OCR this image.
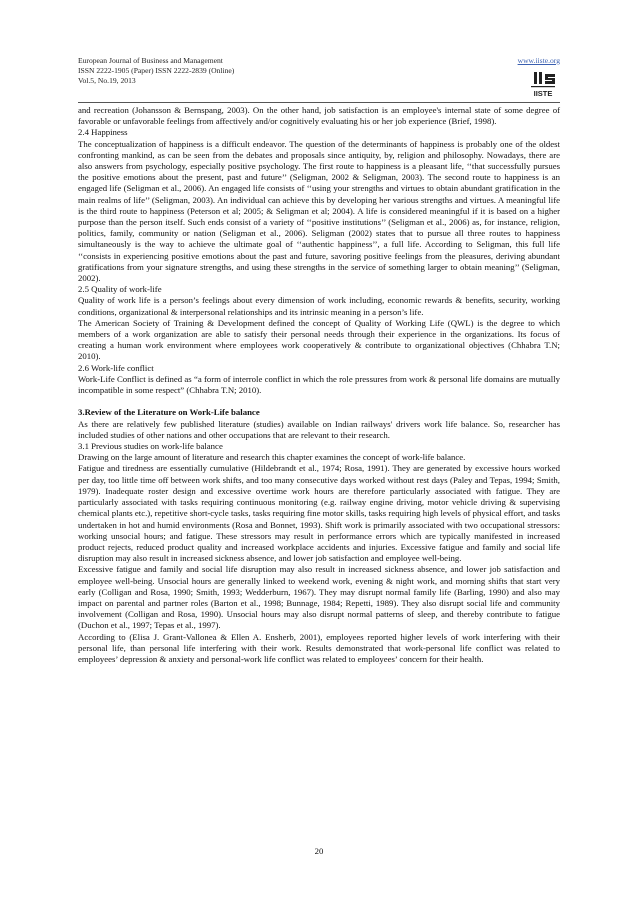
European Journal of Business and Management
ISSN 2222-1905 (Paper) ISSN 2222-2839 (Online)
Vol.5, No.19, 2013
www.iiste.org
IISTE

and recreation (Johansson & Bernspang, 2003). On the other hand, job satisfaction is an employee's internal state of some degree of favorable or unfavorable feelings from affectively and/or cognitively evaluating his or her job experience (Brief, 1998).

2.4 Happiness

The conceptualization of happiness is a difficult endeavor. The question of the determinants of happiness is probably one of the oldest confronting mankind, as can be seen from the debates and proposals since antiquity, by, religion and philosophy. Nowadays, there are also answers from psychology, especially positive psychology. The first route to happiness is a pleasant life, ‘‘that successfully pursues the positive emotions about the present, past and future’’ (Seligman, 2002 & Seligman, 2003). The second route to happiness is an engaged life (Seligman et al., 2006). An engaged life consists of ‘‘using your strengths and virtues to obtain abundant gratification in the main realms of life’’ (Seligman, 2003). An individual can achieve this by developing her various strengths and virtues. A meaningful life is the third route to happiness (Peterson et al; 2005; & Seligman et al; 2004). A life is considered meaningful if it is based on a higher purpose than the person itself. Such ends consist of a variety of ‘‘positive institutions’’ (Seligman et al., 2006) as, for instance, religion, politics, family, community or nation (Seligman et al., 2006). Seligman (2002) states that to pursue all three routes to happiness simultaneously is the way to achieve the ultimate goal of ‘‘authentic happiness’’, a full life. According to Seligman, this full life ‘‘consists in experiencing positive emotions about the past and future, savoring positive feelings from the pleasures, deriving abundant gratifications from your signature strengths, and using these strengths in the service of something larger to obtain meaning’’ (Seligman, 2002).

2.5 Quality of work-life

Quality of work life is a person’s feelings about every dimension of work including, economic rewards & benefits, security, working conditions, organizational & interpersonal relationships and its intrinsic meaning in a person’s life.

The American Society of Training & Development defined the concept of Quality of Working Life (QWL) is the degree to which members of a work organization are able to satisfy their personal needs through their experience in the organizations. Its focus of creating a human work environment where employees work cooperatively & contribute to organizational objectives (Chhabra T.N; 2010).

2.6 Work-life conflict

Work-Life Conflict is defined as “a form of interrole conflict in which the role pressures from work & personal life domains are mutually incompatible in some respect” (Chhabra T.N; 2010).

3.Review of the Literature on Work-Life balance

As there are relatively few published literature (studies) available on Indian railways' drivers work life balance. So, researcher has included studies of other nations and other occupations that are relevant to their research.

3.1 Previous studies on work-life balance

Drawing on the large amount of literature and research this chapter examines the concept of work-life balance.

Fatigue and tiredness are essentially cumulative (Hildebrandt et al., 1974; Rosa, 1991). They are generated by excessive hours worked per day, too little time off between work shifts, and too many consecutive days worked without rest days (Paley and Tepas, 1994; Smith, 1979). Inadequate roster design and excessive overtime work hours are therefore particularly associated with fatigue. They are particularly associated with tasks requiring continuous monitoring (e.g. railway engine driving, motor vehicle driving & supervising chemical plants etc.), repetitive short-cycle tasks, tasks requiring fine motor skills, tasks requiring high levels of physical effort, and tasks undertaken in hot and humid environments (Rosa and Bonnet, 1993). Shift work is primarily associated with two occupational stressors: working unsocial hours; and fatigue. These stressors may result in performance errors which are typically manifested in increased product rejects, reduced product quality and increased workplace accidents and injuries. Excessive fatigue and family and social life disruption may also result in increased sickness absence, and lower job satisfaction and employee well-being.

Excessive fatigue and family and social life disruption may also result in increased sickness absence, and lower job satisfaction and employee well-being. Unsocial hours are generally linked to weekend work, evening & night work, and morning shifts that start very early (Colligan and Rosa, 1990; Smith, 1993; Wedderburn, 1967). They may disrupt normal family life (Barling, 1990) and also may impact on parental and partner roles (Barton et al., 1998; Bunnage, 1984; Repetti, 1989). They also disrupt social life and community involvement (Colligan and Rosa, 1990). Unsocial hours may also disrupt normal patterns of sleep, and thereby contribute to fatigue (Duchon et al., 1997; Tepas et al., 1997).

According to (Elisa J. Grant-Vallonea & Ellen A. Ensherb, 2001), employees reported higher levels of work interfering with their personal life, than personal life interfering with their work. Results demonstrated that work-personal life conflict was related to employees’ depression & anxiety and personal-work life conflict was related to employees’ concern for their health.

20
